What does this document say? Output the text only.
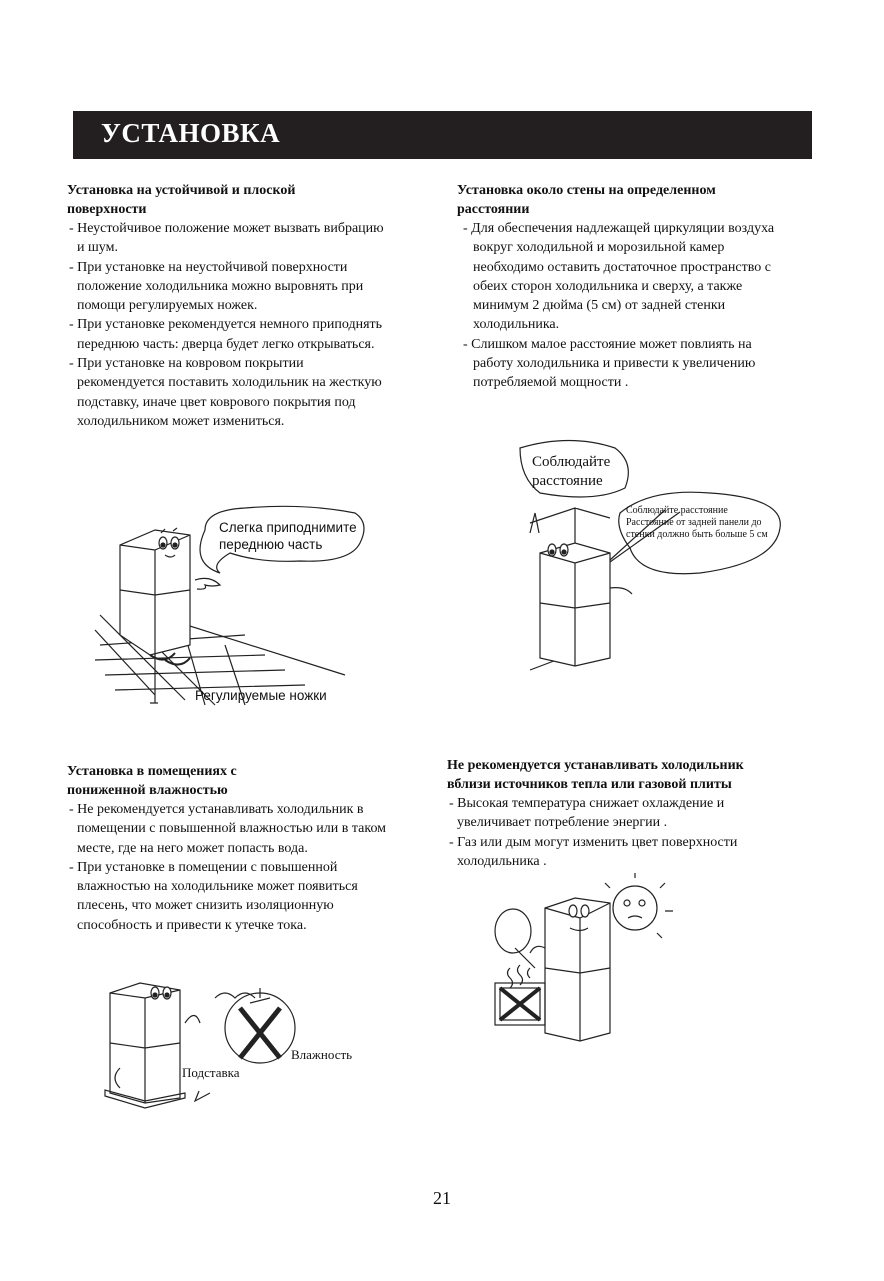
УСТАНОВКА
Установка на устойчивой и плоской
поверхности

- Неустойчивое положение может вызвать вибрацию и шум.

- При установке на неустойчивой поверхности положение холодильника можно выровнять при помощи регулируемых ножек.

- При установке рекомендуется немного приподнять переднюю часть: дверца будет легко открываться.

- При установке на ковровом покрытии рекомендуется поставить холодильник на жесткую подставку, иначе цвет коврового покрытия под холодильником может измениться.

Установка около стены на определенном
расстоянии

- Для обеспечения надлежащей циркуляции воздуха вокруг холодильной и морозильной камер необходимо оставить достаточное пространство с обеих сторон холодильника и сверху, а также минимум 2 дюйма (5 см) от задней стенки холодильника.

- Слишком малое расстояние может повлиять на работу холодильника и привести к увеличению потребляемой мощности .

Установка в помещениях с
пониженной влажностью

- Не рекомендуется устанавливать холодильник в помещении с повышенной влажностью или в таком месте, где на него может попасть вода.

- При установке в помещении с повышенной влажностью на холодильнике может появиться плесень, что может снизить изоляционную способность и привести к утечке тока.

Не рекомендуется устанавливать холодильник
вблизи источников тепла или газовой плиты

- Высокая температура снижает охлаждение и увеличивает потребление энергии .

- Газ или дым могут изменить цвет поверхности холодильника .

Слегка приподнимите
переднюю часть
Регулируемые ножки
Соблюдайте
расстояние
Соблюдайте расстояние
Расстояние от задней панели до
стенки должно быть больше 5 см
Подставка
Влажность
21
